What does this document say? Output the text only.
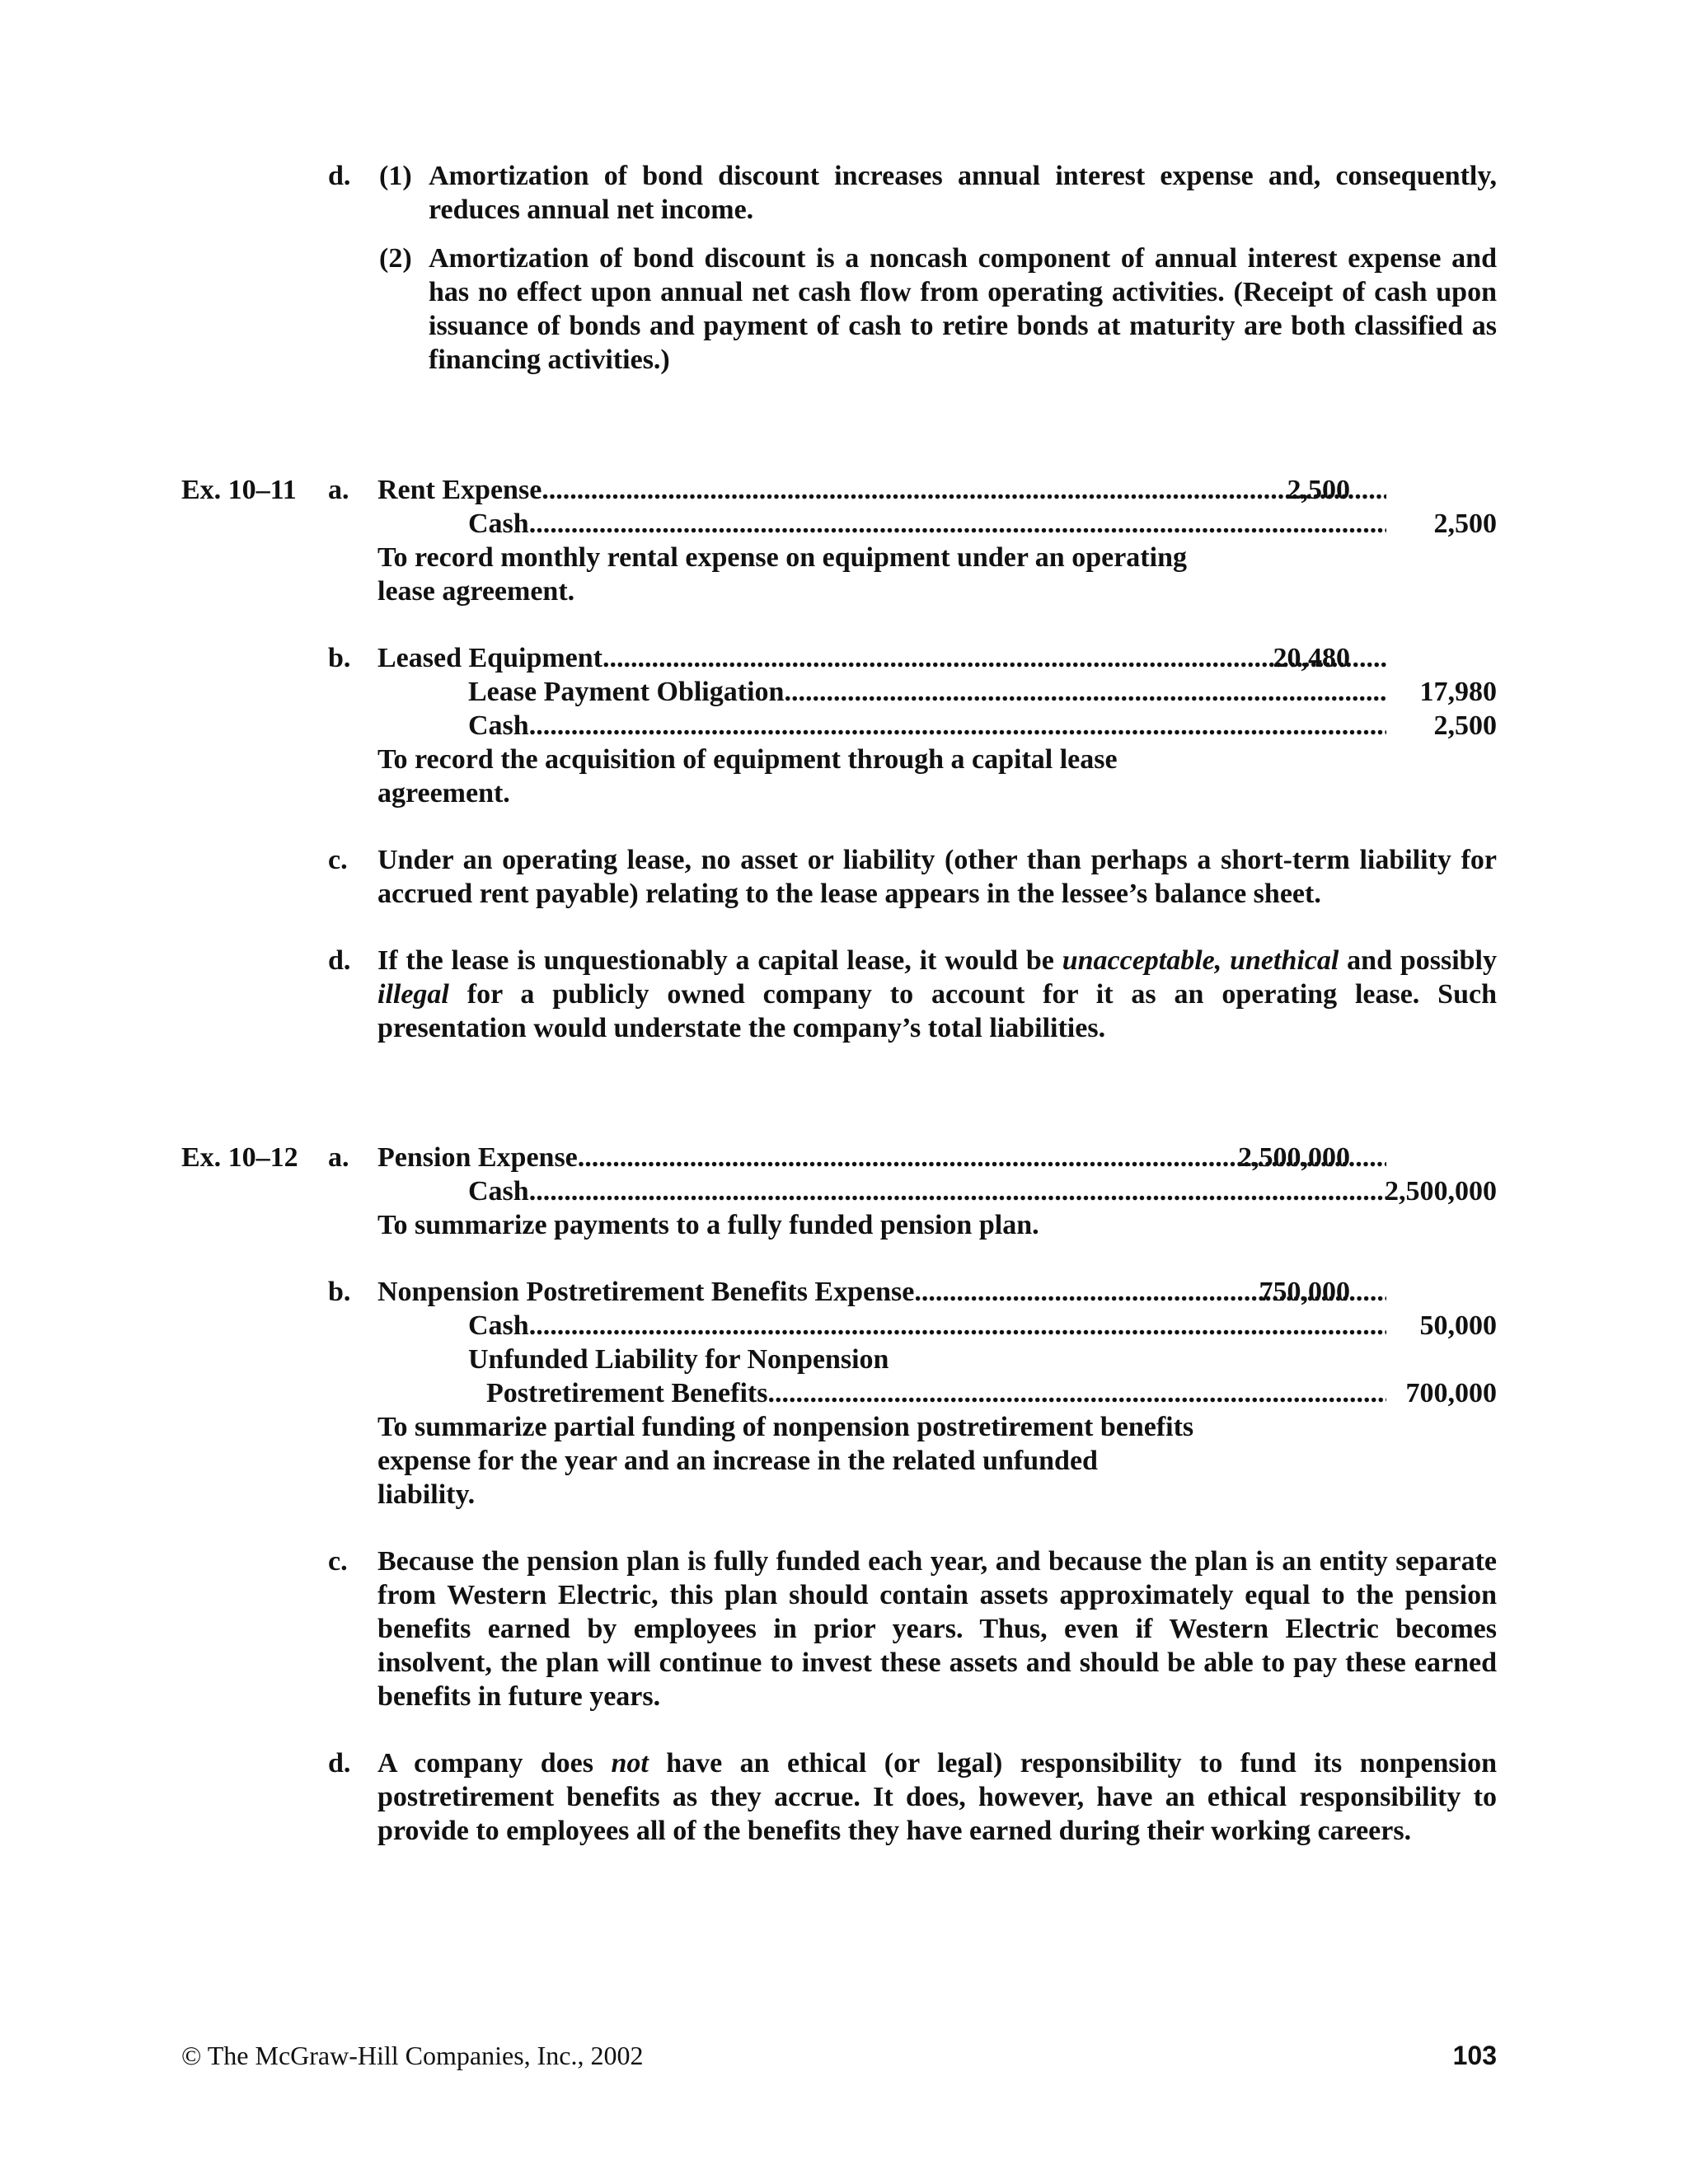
d. (1) Amortization of bond discount increases annual interest expense and, consequently, reduces annual net income.
(2) Amortization of bond discount is a noncash component of annual interest expense and has no effect upon annual net cash flow from operating activities. (Receipt of cash upon issuance of bonds and payment of cash to retire bonds at maturity are both classified as financing activities.)
Ex. 10–11 a. Rent Expense .....	2,500
Cash .....	2,500
To record monthly rental expense on equipment under an operating lease agreement.
b. Leased Equipment .....	20,480
Lease Payment Obligation .....	17,980
Cash .....	2,500
To record the acquisition of equipment through a capital lease agreement.
c.	Under an operating lease, no asset or liability (other than perhaps a short-term liability for accrued rent payable) relating to the lease appears in the lessee’s balance sheet.
d. If the lease is unquestionably a capital lease, it would be unacceptable, unethical and possibly illegal for a publicly owned company to account for it as an operating lease. Such presentation would understate the company’s total liabilities.
Ex. 10–12 a. Pension Expense .....	2,500,000
Cash .....	2,500,000
To summarize payments to a fully funded pension plan.
b. Nonpension Postretirement Benefits Expense .....	750,000
Cash .....	50,000
Unfunded Liability for Nonpension
Postretirement Benefits .....	700,000
To summarize partial funding of nonpension postretirement benefits expense for the year and an increase in the related unfunded liability.
c.	Because the pension plan is fully funded each year, and because the plan is an entity separate from Western Electric, this plan should contain assets approximately equal to the pension benefits earned by employees in prior years. Thus, even if Western Electric becomes insolvent, the plan will continue to invest these assets and should be able to pay these earned benefits in future years.
d. A company does not have an ethical (or legal) responsibility to fund its nonpension postretirement benefits as they accrue. It does, however, have an ethical responsibility to provide to employees all of the benefits they have earned during their working careers.
© The McGraw-Hill Companies, Inc., 2002	103
